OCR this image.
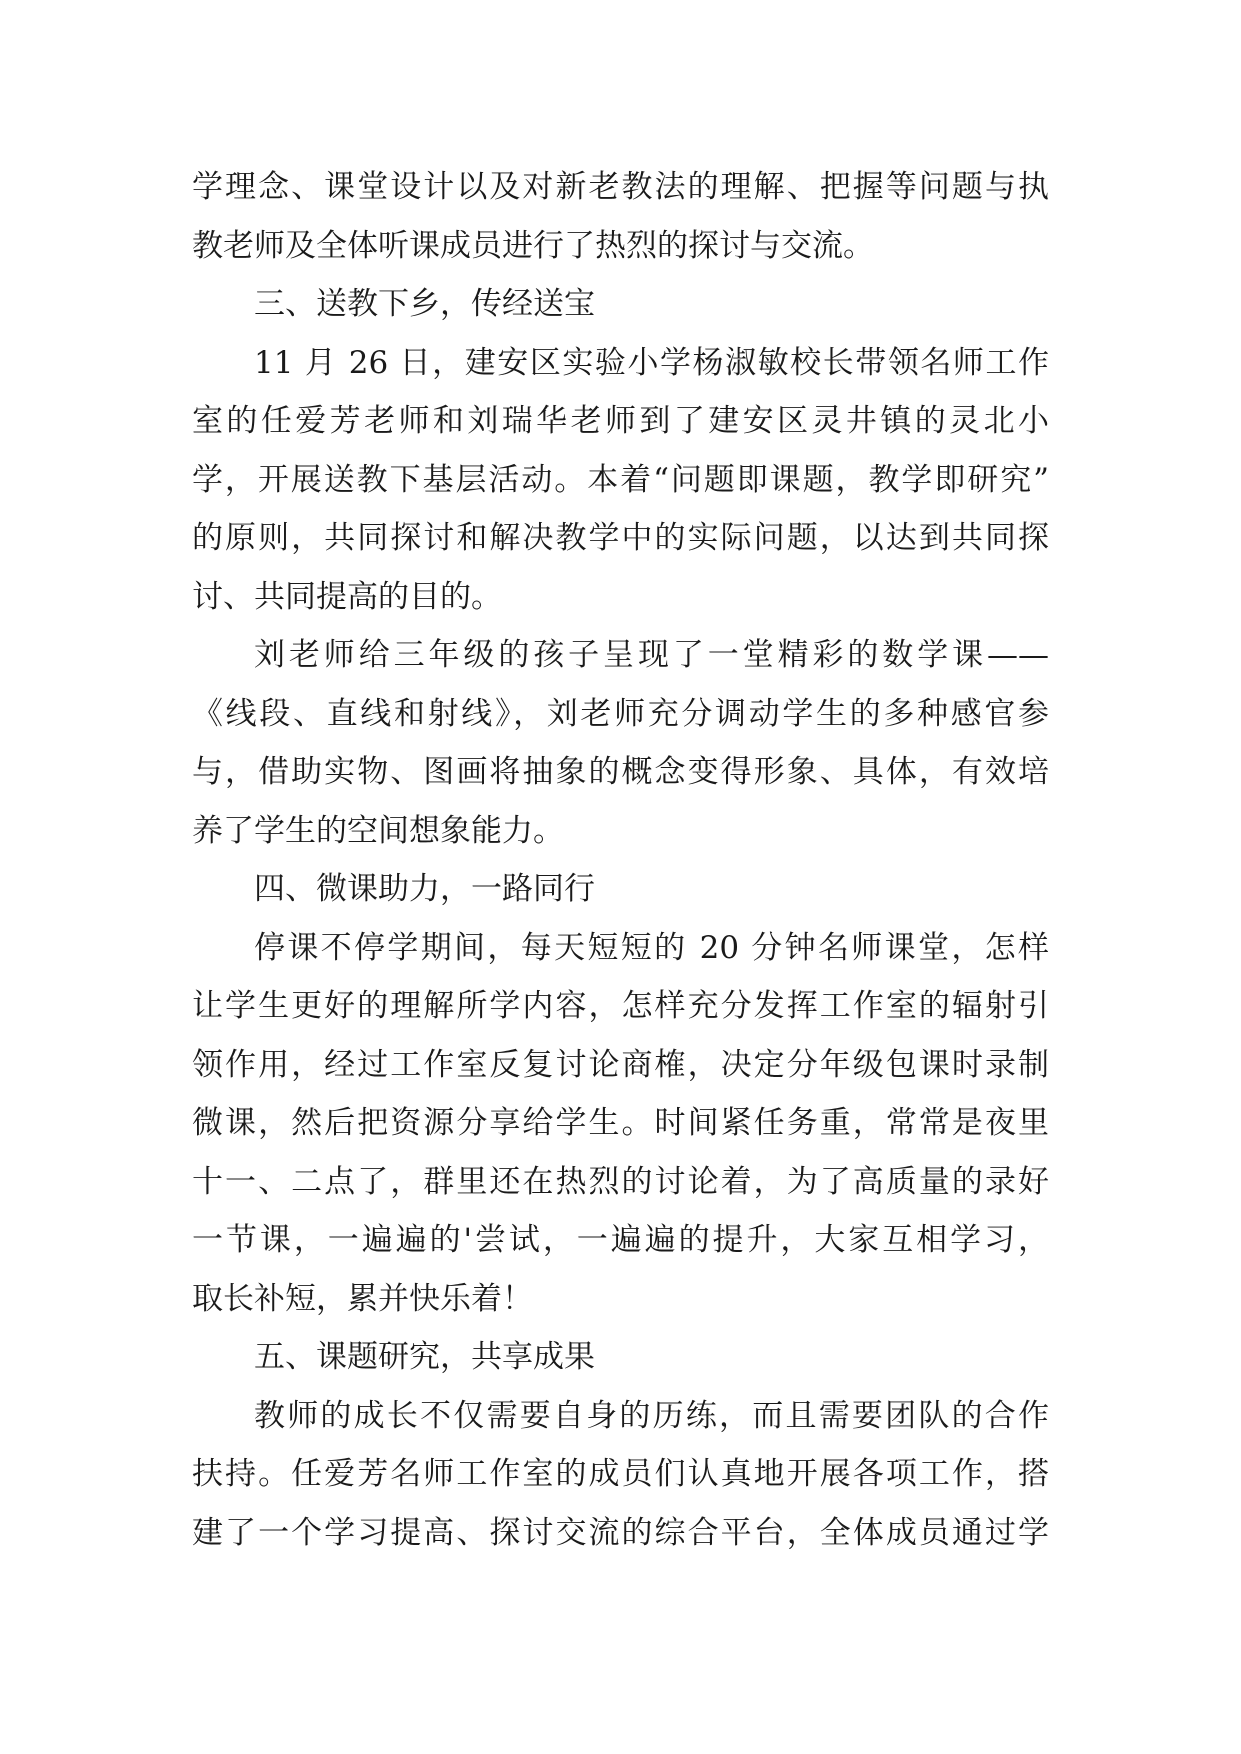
学理念、课堂设计以及对新老教法的理解、把握等问题与执
教老师及全体听课成员进行了热烈的探讨与交流。
三、送教下乡，传经送宝
11 月 26 日，建安区实验小学杨淑敏校长带领名师工作
室的任爱芳老师和刘瑞华老师到了建安区灵井镇的灵北小
学，开展送教下基层活动。本着“问题即课题，教学即研究”
的原则，共同探讨和解决教学中的实际问题，以达到共同探
讨、共同提高的目的。
刘老师给三年级的孩子呈现了一堂精彩的数学课——
《线段、直线和射线》，刘老师充分调动学生的多种感官参
与，借助实物、图画将抽象的概念变得形象、具体，有效培
养了学生的空间想象能力。
四、微课助力，一路同行
停课不停学期间，每天短短的 20 分钟名师课堂，怎样
让学生更好的理解所学内容，怎样充分发挥工作室的辐射引
领作用，经过工作室反复讨论商榷，决定分年级包课时录制
微课，然后把资源分享给学生。时间紧任务重，常常是夜里
十一、二点了，群里还在热烈的讨论着，为了高质量的录好
一节课，一遍遍的'尝试，一遍遍的提升，大家互相学习，
取长补短，累并快乐着！
五、课题研究，共享成果
教师的成长不仅需要自身的历练，而且需要团队的合作
扶持。任爱芳名师工作室的成员们认真地开展各项工作，搭
建了一个学习提高、探讨交流的综合平台，全体成员通过学
